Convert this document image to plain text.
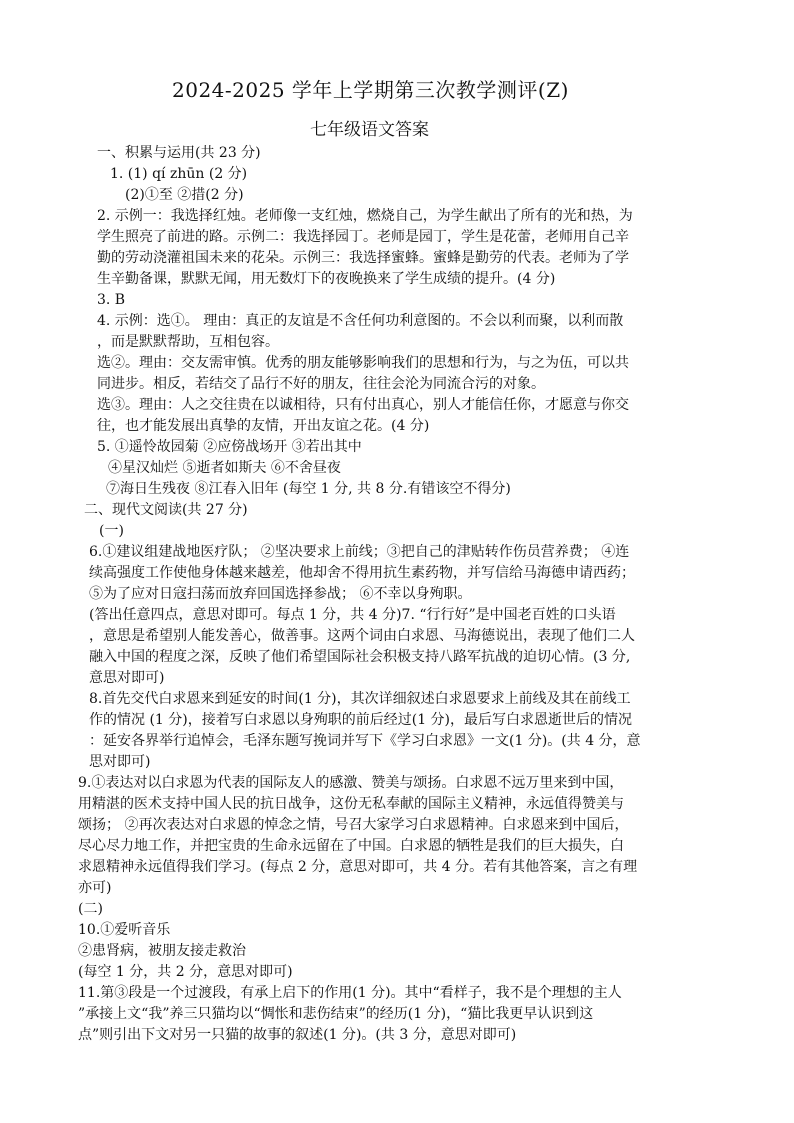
2024-2025 学年上学期第三次教学测评(Z)
七年级语文答案
一、积累与运用(共 23 分)
1. (1) qí zhūn (2 分)
(2)①至 ②措(2 分)
2. 示例一：我选择红烛。老师像一支红烛，燃烧自己，为学生献出了所有的光和热，为
学生照亮了前进的路。示例二：我选择园丁。老师是园丁，学生是花蕾，老师用自己辛
勤的劳动浇灌祖国未来的花朵。示例三：我选择蜜蜂。蜜蜂是勤劳的代表。老师为了学
生辛勤备课，默默无闻，用无数灯下的夜晚换来了学生成绩的提升。(4 分)
3. B
4. 示例：选①。 理由：真正的友谊是不含任何功利意图的。不会以利而聚，以利而散
，而是默默帮助，互相包容。
选②。理由：交友需审慎。优秀的朋友能够影响我们的思想和行为，与之为伍，可以共
同进步。相反，若结交了品行不好的朋友，往往会沦为同流合污的对象。
选③。理由：人之交往贵在以诚相待，只有付出真心，别人才能信任你，才愿意与你交
往，也才能发展出真挚的友情，开出友谊之花。(4 分)
5. ①遥怜故园菊 ②应傍战场开 ③若出其中
④星汉灿烂 ⑤逝者如斯夫 ⑥不舍昼夜
⑦海日生残夜 ⑧江春入旧年 (每空 1 分, 共 8 分.有错该空不得分)
二、现代文阅读(共 27 分)
(一)
6.①建议组建战地医疗队； ②坚决要求上前线；③把自己的津贴转作伤员营养费； ④连
续高强度工作使他身体越来越差，他却舍不得用抗生素药物，并写信给马海德申请西药；
⑤为了应对日寇扫荡而放弃回国选择参战； ⑥不幸以身殉职。
(答出任意四点，意思对即可。每点 1 分，共 4 分)7. “行行好”是中国老百姓的口头语
，意思是希望别人能发善心，做善事。这两个词由白求恩、马海德说出，表现了他们二人
融入中国的程度之深，反映了他们希望国际社会积极支持八路军抗战的迫切心情。(3 分,
意思对即可)
8.首先交代白求恩来到延安的时间(1 分)，其次详细叙述白求恩要求上前线及其在前线工
作的情况 (1 分)，接着写白求恩以身殉职的前后经过(1 分)，最后写白求恩逝世后的情况
：延安各界举行追悼会，毛泽东题写挽词并写下《学习白求恩》一文(1 分)。(共 4 分，意
思对即可)
9.①表达对以白求恩为代表的国际友人的感激、赞美与颂扬。白求恩不远万里来到中国，
用精湛的医术支持中国人民的抗日战争，这份无私奉献的国际主义精神，永远值得赞美与
颂扬； ②再次表达对白求恩的悼念之情，号召大家学习白求恩精神。白求恩来到中国后，
尽心尽力地工作，并把宝贵的生命永远留在了中国。白求恩的牺牲是我们的巨大损失，白
求恩精神永远值得我们学习。(每点 2 分，意思对即可，共 4 分。若有其他答案，言之有理
亦可)
(二)
10.①爱听音乐
②患肾病，被朋友接走救治
(每空 1 分，共 2 分，意思对即可)
11.第③段是一个过渡段，有承上启下的作用(1 分)。其中“看样子，我不是个理想的主人
”承接上文“我”养三只猫均以“惆怅和悲伤结束”的经历(1 分)，“猫比我更早认识到这
点”则引出下文对另一只猫的故事的叙述(1 分)。(共 3 分，意思对即可)
